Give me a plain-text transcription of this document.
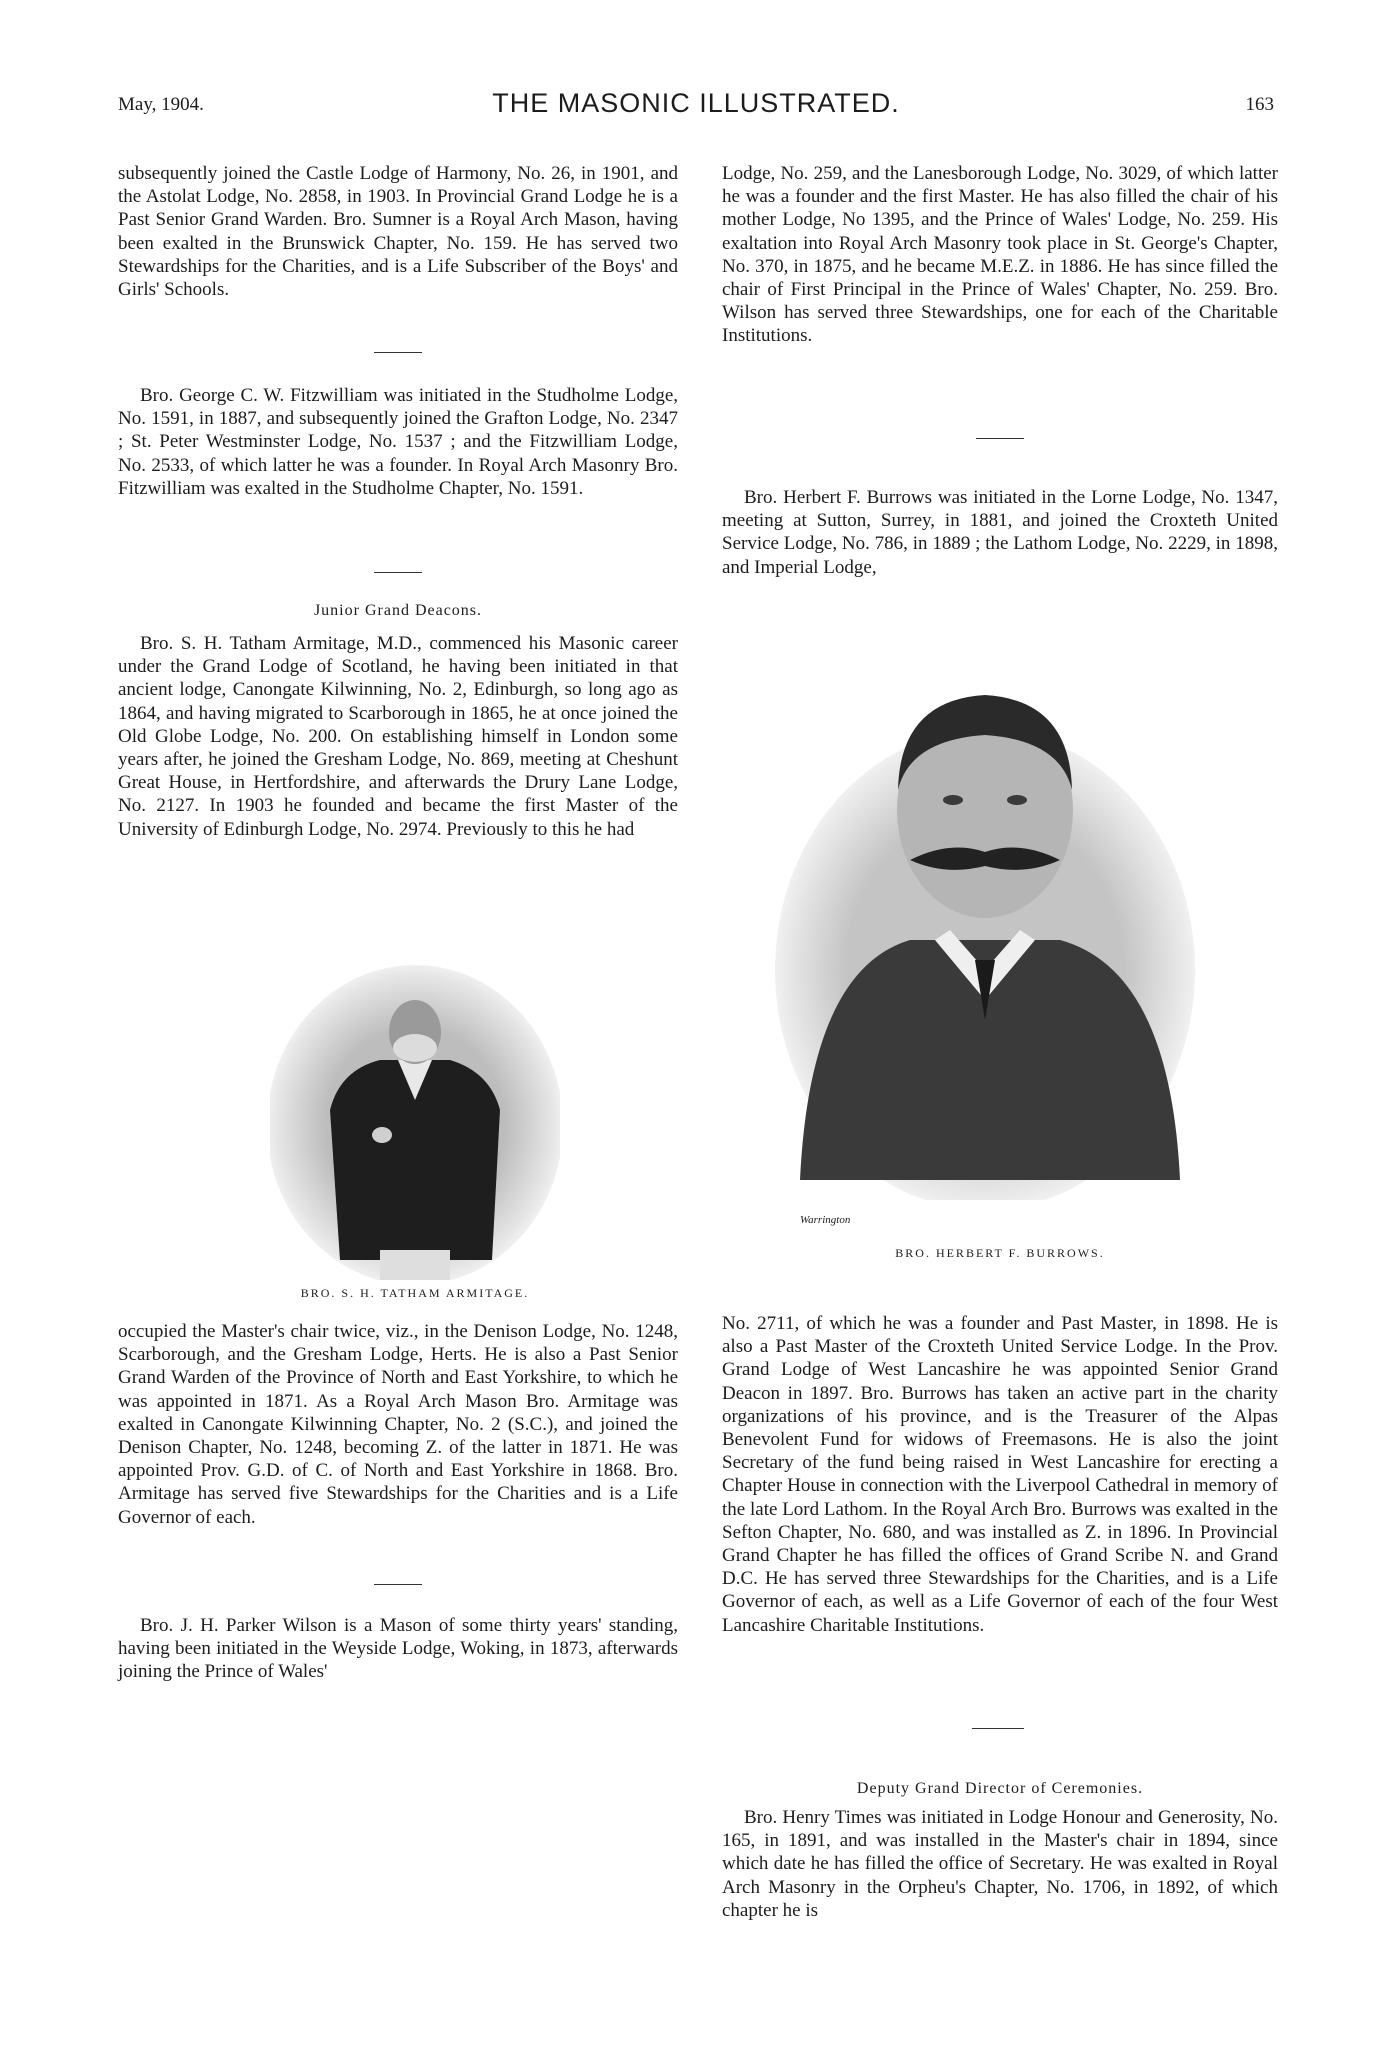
May, 1904.	THE MASONIC ILLUSTRATED.	163

subsequently joined the Castle Lodge of Harmony, No. 26, in 1901, and the Astolat Lodge, No. 2858, in 1903. In Provincial Grand Lodge he is a Past Senior Grand Warden. Bro. Sumner is a Royal Arch Mason, having been exalted in the Brunswick Chapter, No. 159. He has served two Stewardships for the Charities, and is a Life Subscriber of the Boys' and Girls' Schools.

Bro. George C. W. Fitzwilliam was initiated in the Studholme Lodge, No. 1591, in 1887, and subsequently joined the Grafton Lodge, No. 2347 ; St. Peter Westminster Lodge, No. 1537 ; and the Fitzwilliam Lodge, No. 2533, of which latter he was a founder. In Royal Arch Masonry Bro. Fitzwilliam was exalted in the Studholme Chapter, No. 1591.

Junior Grand Deacons.

Bro. S. H. Tatham Armitage, M.D., commenced his Masonic career under the Grand Lodge of Scotland, he having been initiated in that ancient lodge, Canongate Kilwinning, No. 2, Edinburgh, so long ago as 1864, and having migrated to Scarborough in 1865, he at once joined the Old Globe Lodge, No. 200. On establishing himself in London some years after, he joined the Gresham Lodge, No. 869, meeting at Cheshunt Great House, in Hertfordshire, and afterwards the Drury Lane Lodge, No. 2127. In 1903 he founded and became the first Master of the University of Edinburgh Lodge, No. 2974. Previously to this he had

BRO. S. H. TATHAM ARMITAGE.

occupied the Master's chair twice, viz., in the Denison Lodge, No. 1248, Scarborough, and the Gresham Lodge, Herts. He is also a Past Senior Grand Warden of the Province of North and East Yorkshire, to which he was appointed in 1871. As a Royal Arch Mason Bro. Armitage was exalted in Canongate Kilwinning Chapter, No. 2 (S.C.), and joined the Denison Chapter, No. 1248, becoming Z. of the latter in 1871. He was appointed Prov. G.D. of C. of North and East Yorkshire in 1868. Bro. Armitage has served five Stewardships for the Charities and is a Life Governor of each.

Bro. J. H. Parker Wilson is a Mason of some thirty years' standing, having been initiated in the Weyside Lodge, Woking, in 1873, afterwards joining the Prince of Wales'

Lodge, No. 259, and the Lanesborough Lodge, No. 3029, of which latter he was a founder and the first Master. He has also filled the chair of his mother Lodge, No 1395, and the Prince of Wales' Lodge, No. 259. His exaltation into Royal Arch Masonry took place in St. George's Chapter, No. 370, in 1875, and he became M.E.Z. in 1886. He has since filled the chair of First Principal in the Prince of Wales' Chapter, No. 259. Bro. Wilson has served three Stewardships, one for each of the Charitable Institutions.

Bro. Herbert F. Burrows was initiated in the Lorne Lodge, No. 1347, meeting at Sutton, Surrey, in 1881, and joined the Croxteth United Service Lodge, No. 786, in 1889 ; the Lathom Lodge, No. 2229, in 1898, and Imperial Lodge,

Warrington
BRO. HERBERT F. BURROWS.

No. 2711, of which he was a founder and Past Master, in 1898. He is also a Past Master of the Croxteth United Service Lodge. In the Prov. Grand Lodge of West Lancashire he was appointed Senior Grand Deacon in 1897. Bro. Burrows has taken an active part in the charity organizations of his province, and is the Treasurer of the Alpas Benevolent Fund for widows of Freemasons. He is also the joint Secretary of the fund being raised in West Lancashire for erecting a Chapter House in connection with the Liverpool Cathedral in memory of the late Lord Lathom. In the Royal Arch Bro. Burrows was exalted in the Sefton Chapter, No. 680, and was installed as Z. in 1896. In Provincial Grand Chapter he has filled the offices of Grand Scribe N. and Grand D.C. He has served three Stewardships for the Charities, and is a Life Governor of each, as well as a Life Governor of each of the four West Lancashire Charitable Institutions.

Deputy Grand Director of Ceremonies.

Bro. Henry Times was initiated in Lodge Honour and Generosity, No. 165, in 1891, and was installed in the Master's chair in 1894, since which date he has filled the office of Secretary. He was exalted in Royal Arch Masonry in the Orpheu's Chapter, No. 1706, in 1892, of which chapter he is
